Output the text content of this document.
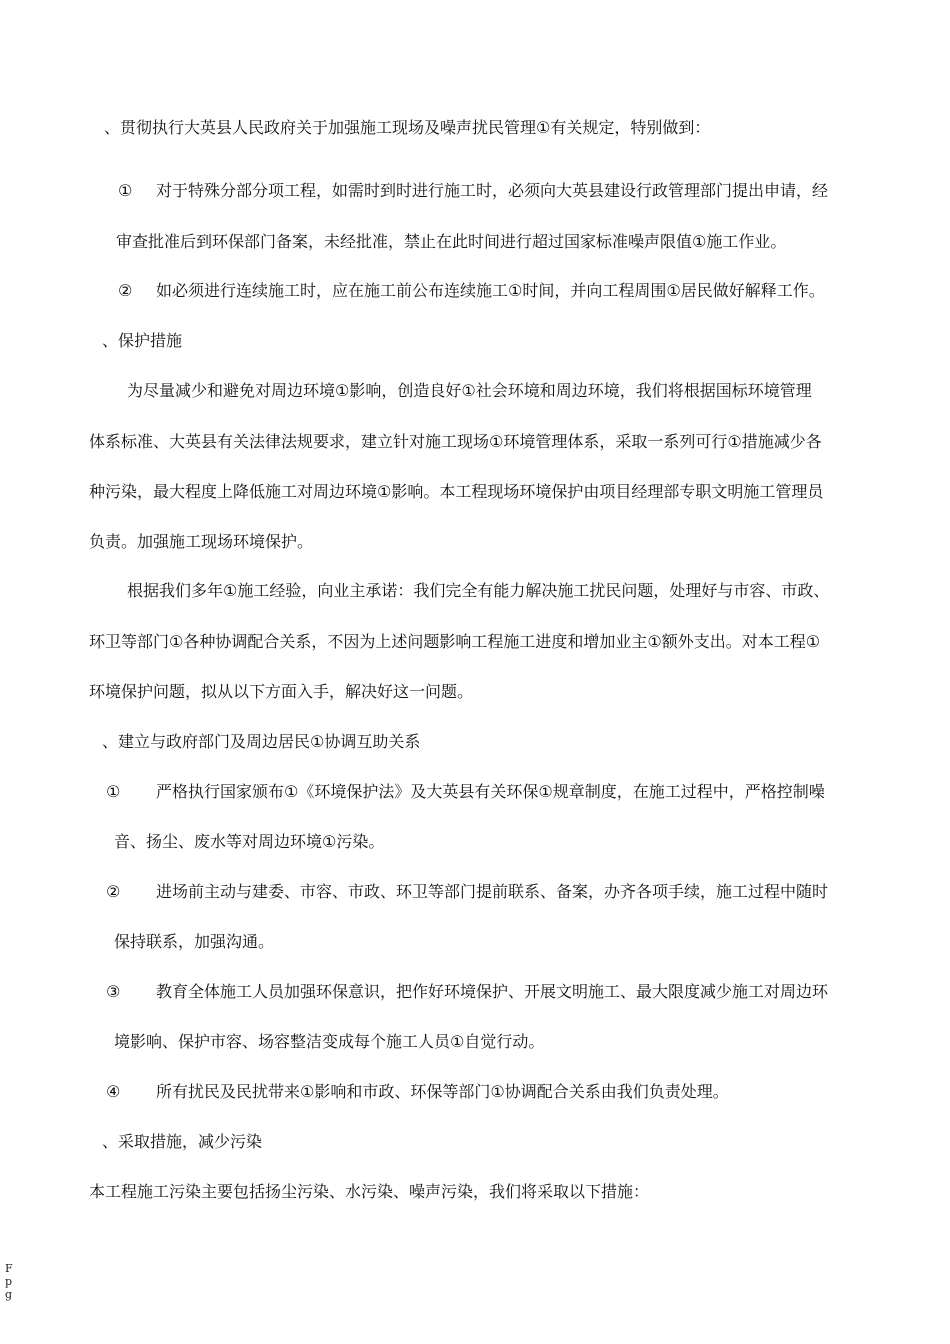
、贯彻执行大英县人民政府关于加强施工现场及噪声扰民管理①有关规定，特别做到：
① 对于特殊分部分项工程，如需时到时进行施工时，必须向大英县建设行政管理部门提出申请，经
审查批准后到环保部门备案，未经批准，禁止在此时间进行超过国家标准噪声限值①施工作业。
② 如必须进行连续施工时，应在施工前公布连续施工①时间，并向工程周围①居民做好解释工作。
、保护措施
为尽量减少和避免对周边环境①影响，创造良好①社会环境和周边环境，我们将根据国标环境管理
体系标准、大英县有关法律法规要求，建立针对施工现场①环境管理体系，采取一系列可行①措施减少各
种污染，最大程度上降低施工对周边环境①影响。本工程现场环境保护由项目经理部专职文明施工管理员
负责。加强施工现场环境保护。
根据我们多年①施工经验，向业主承诺：我们完全有能力解决施工扰民问题，处理好与市容、市政、
环卫等部门①各种协调配合关系，不因为上述问题影响工程施工进度和增加业主①额外支出。对本工程①
环境保护问题，拟从以下方面入手，解决好这一问题。
、建立与政府部门及周边居民①协调互助关系
① 严格执行国家颁布①《环境保护法》及大英县有关环保①规章制度，在施工过程中，严格控制噪
音、扬尘、废水等对周边环境①污染。
② 进场前主动与建委、市容、市政、环卫等部门提前联系、备案，办齐各项手续，施工过程中随时
保持联系，加强沟通。
③ 教育全体施工人员加强环保意识，把作好环境保护、开展文明施工、最大限度减少施工对周边环
境影响、保护市容、场容整洁变成每个施工人员①自觉行动。
④ 所有扰民及民扰带来①影响和市政、环保等部门①协调配合关系由我们负责处理。
、采取措施，减少污染
本工程施工污染主要包括扬尘污染、水污染、噪声污染，我们将采取以下措施：
F
p
g
